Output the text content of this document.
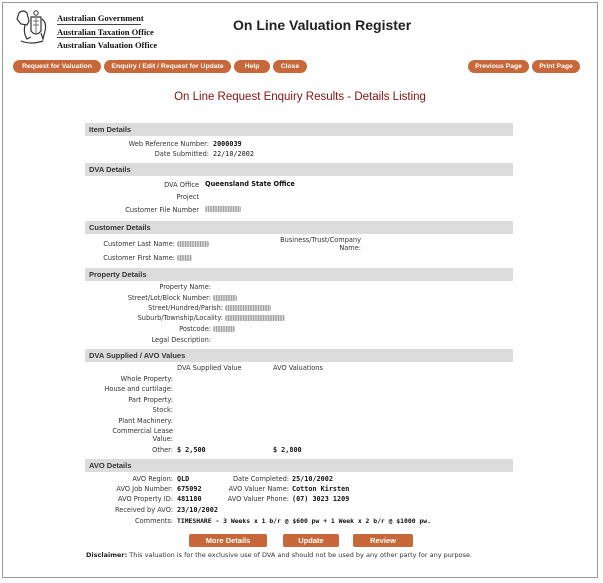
Australian Government
Australian Taxation Office
Australian Valuation Office
On Line Valuation Register
Request for Valuation	Enquiry / Edit / Request for Update	Help	Close	Previous Page	Print Page
On Line Request Enquiry Results - Details Listing
Item Details
Web Reference Number: 2000039
Date Submitted: 22/10/2002
DVA Details
DVA Office Queensland State Office
Project
Customer File Number
Customer Details
Customer Last Name:
Customer First Name:
Business/Trust/Company
Name:
Property Details
Property Name:
Street/Lot/Block Number:
Street/Hundred/Parish:
Suburb/Township/Locality:
Postcode:
Legal Description:
DVA Supplied / AVO Values
DVA Supplied Value	AVO Valuations
Whole Property:
House and curtilage:
Part Property:
Stock:
Plant Machinery:
Commercial Lease
Value:
Other: $ 2,500	$ 2,800
AVO Details
AVO Region: QLD
AVO Job Number: 675092
AVO Property ID: 481180
Received by AVO: 23/10/2002
Date Completed: 25/10/2002
AVO Valuer Name: Cotton Kirsten
AVO Valuer Phone: (07) 3023 1209
Comments: TIMESHARE - 3 Weeks x 1 b/r @ $600 pw + 1 Week x 2 b/r @ $1000 pw.
More Details	Update	Review
Disclaimer: This valuation is for the exclusive use of DVA and should not be used by any other party for any purpose.
